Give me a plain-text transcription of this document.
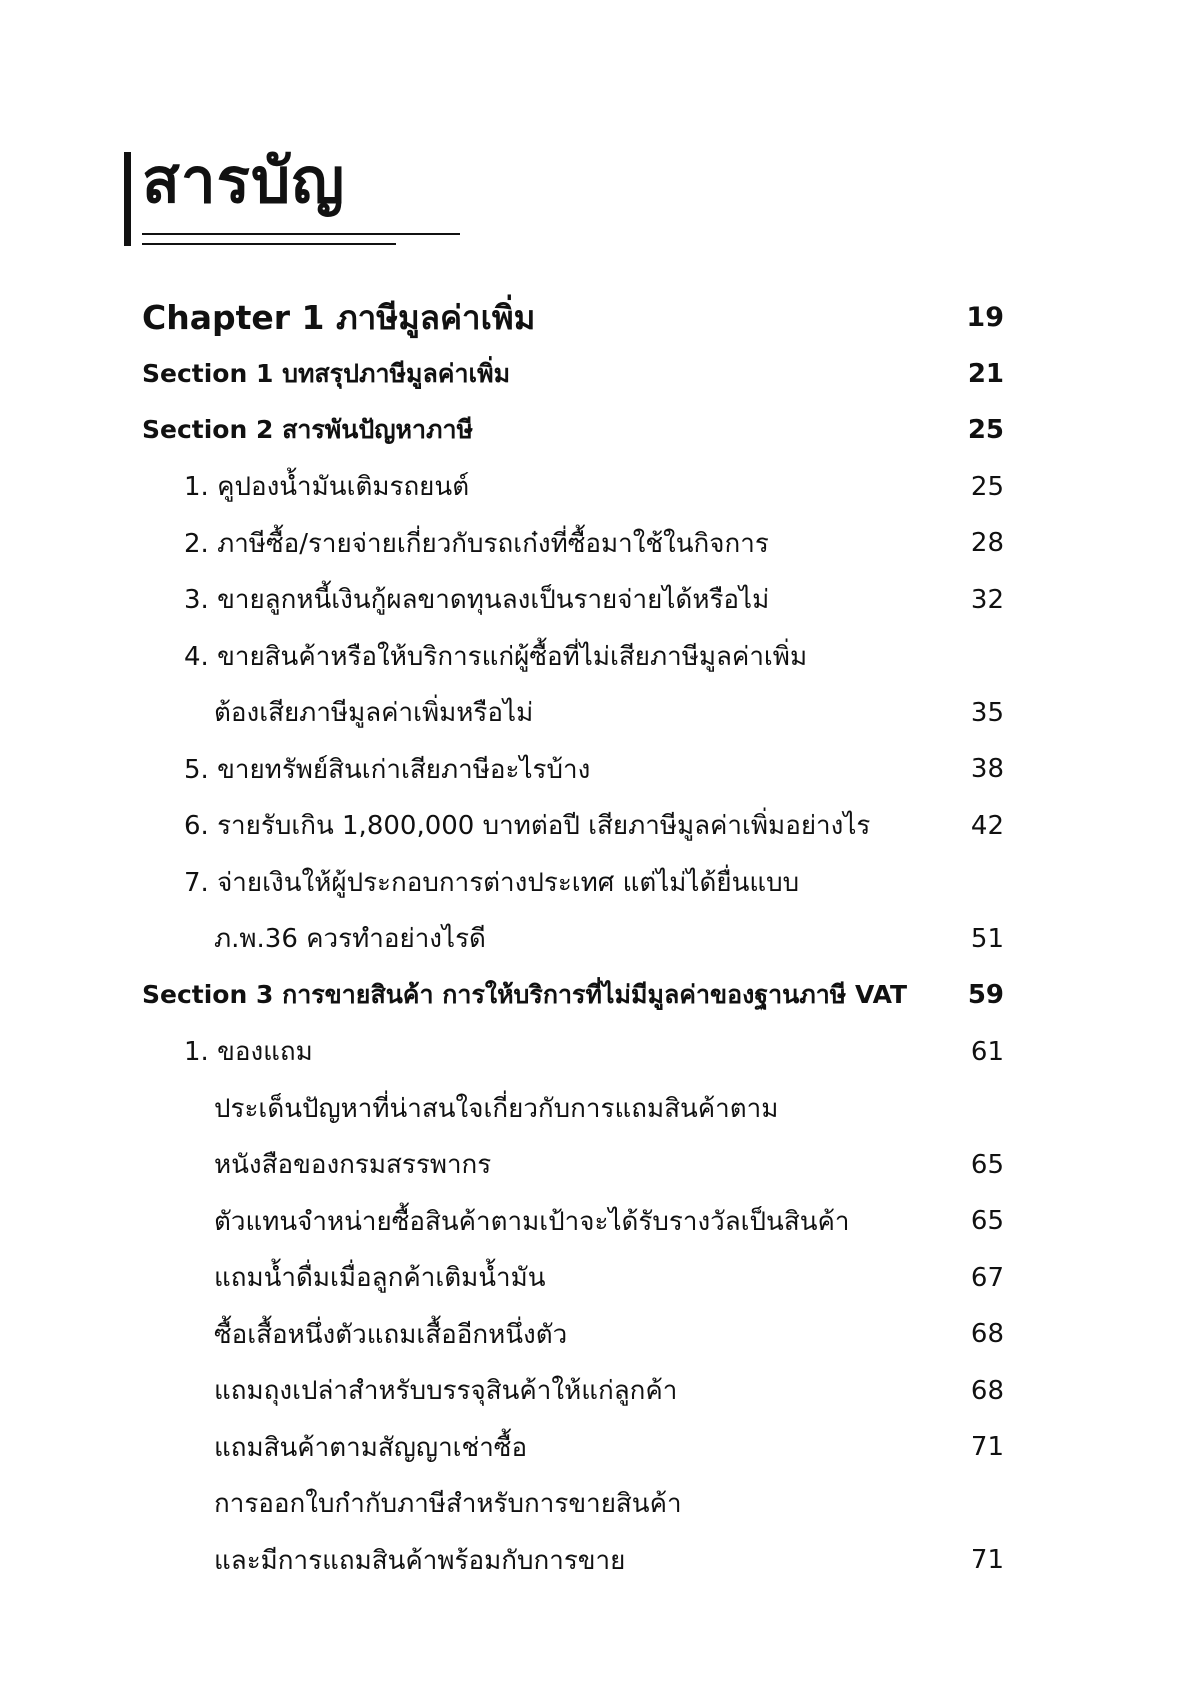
สารบัญ
Chapter 1 ภาษีมูลค่าเพิ่ม	19
Section 1 บทสรุปภาษีมูลค่าเพิ่ม	21
Section 2 สารพันปัญหาภาษี	25
1. คูปองน้ำมันเติมรถยนต์	25
2. ภาษีซื้อ/รายจ่ายเกี่ยวกับรถเก๋งที่ซื้อมาใช้ในกิจการ	28
3. ขายลูกหนี้เงินกู้ผลขาดทุนลงเป็นรายจ่ายได้หรือไม่	32
4. ขายสินค้าหรือให้บริการแก่ผู้ซื้อที่ไม่เสียภาษีมูลค่าเพิ่ม
ต้องเสียภาษีมูลค่าเพิ่มหรือไม่	35
5. ขายทรัพย์สินเก่าเสียภาษีอะไรบ้าง	38
6. รายรับเกิน 1,800,000 บาทต่อปี เสียภาษีมูลค่าเพิ่มอย่างไร	42
7. จ่ายเงินให้ผู้ประกอบการต่างประเทศ แต่ไม่ได้ยื่นแบบ
ภ.พ.36 ควรทำอย่างไรดี	51
Section 3 การขายสินค้า การให้บริการที่ไม่มีมูลค่าของฐานภาษี VAT	59
1. ของแถม	61
ประเด็นปัญหาที่น่าสนใจเกี่ยวกับการแถมสินค้าตาม
หนังสือของกรมสรรพากร	65
ตัวแทนจำหน่ายซื้อสินค้าตามเป้าจะได้รับรางวัลเป็นสินค้า	65
แถมน้ำดื่มเมื่อลูกค้าเติมน้ำมัน	67
ซื้อเสื้อหนึ่งตัวแถมเสื้ออีกหนึ่งตัว	68
แถมถุงเปล่าสำหรับบรรจุสินค้าให้แก่ลูกค้า	68
แถมสินค้าตามสัญญาเช่าซื้อ	71
การออกใบกำกับภาษีสำหรับการขายสินค้า
และมีการแถมสินค้าพร้อมกับการขาย	71
